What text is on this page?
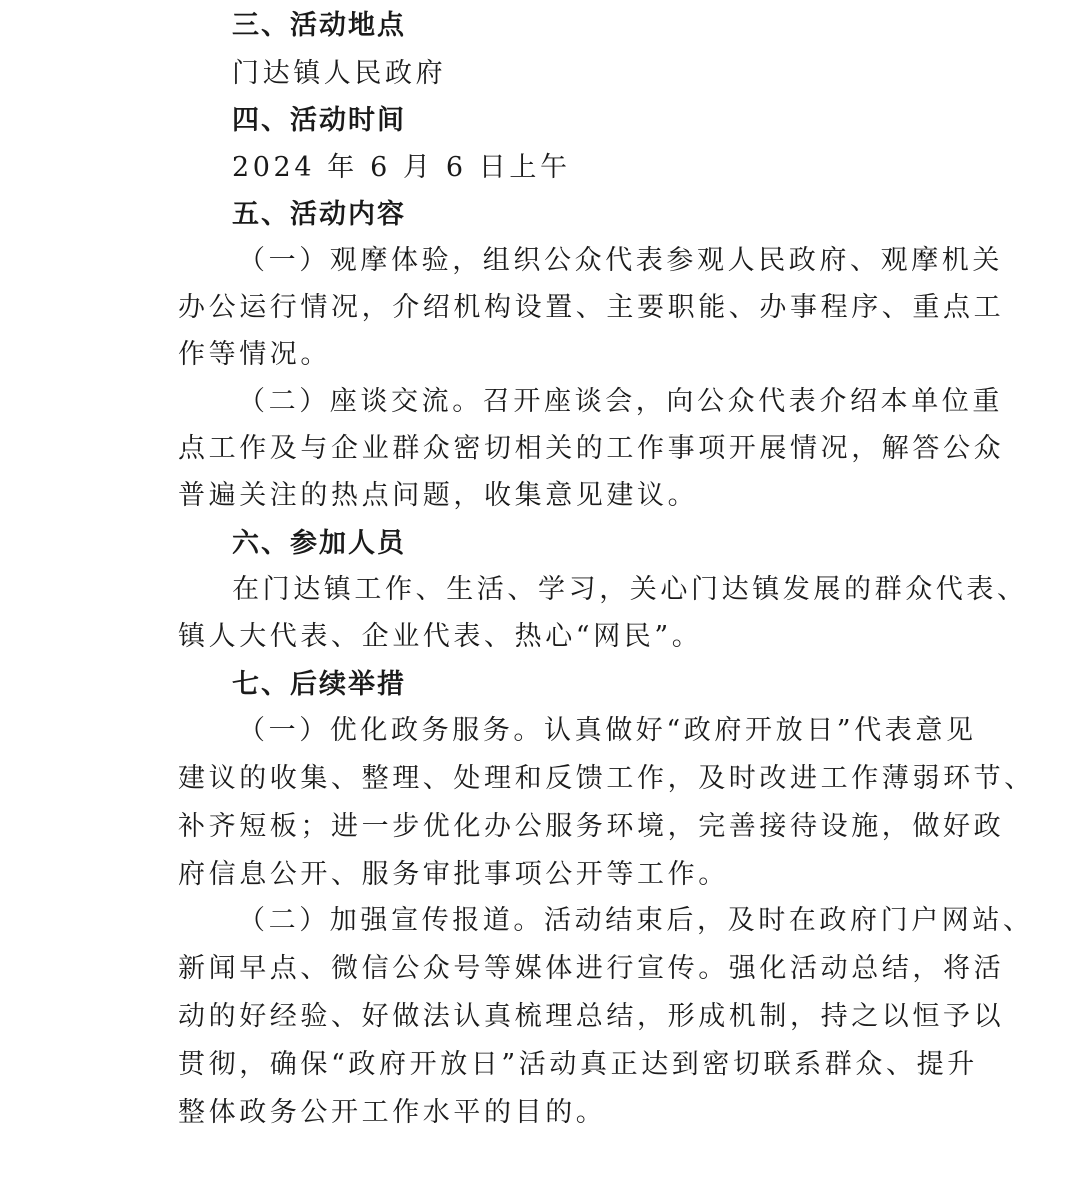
三、活动地点
门达镇人民政府
四、活动时间
2024 年 6 月 6 日上午
五、活动内容
（一）观摩体验，组织公众代表参观人民政府、观摩机关
办公运行情况，介绍机构设置、主要职能、办事程序、重点工
作等情况。
（二）座谈交流。召开座谈会，向公众代表介绍本单位重
点工作及与企业群众密切相关的工作事项开展情况，解答公众
普遍关注的热点问题，收集意见建议。
六、参加人员
在门达镇工作、生活、学习，关心门达镇发展的群众代表、
镇人大代表、企业代表、热心“网民”。
七、后续举措
（一）优化政务服务。认真做好“政府开放日”代表意见
建议的收集、整理、处理和反馈工作，及时改进工作薄弱环节、
补齐短板；进一步优化办公服务环境，完善接待设施，做好政
府信息公开、服务审批事项公开等工作。
（二）加强宣传报道。活动结束后，及时在政府门户网站、
新闻早点、微信公众号等媒体进行宣传。强化活动总结，将活
动的好经验、好做法认真梳理总结，形成机制，持之以恒予以
贯彻，确保“政府开放日”活动真正达到密切联系群众、提升
整体政务公开工作水平的目的。
